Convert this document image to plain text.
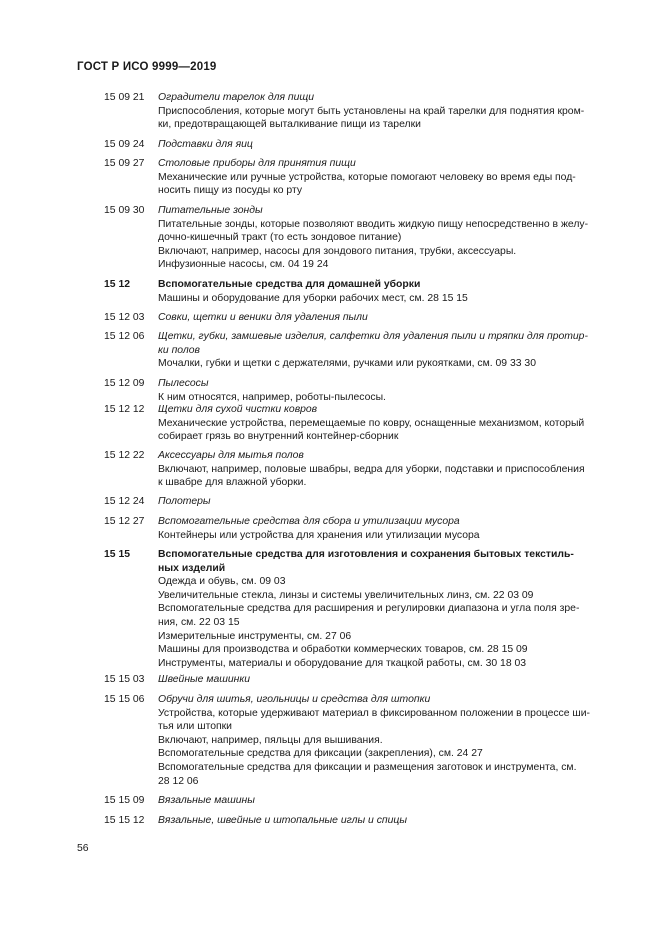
ГОСТ Р ИСО 9999—2019
15 09 21	Оградители тарелок для пищи
Приспособления, которые могут быть установлены на край тарелки для поднятия кром-
ки, предотвращающей выталкивание пищи из тарелки
15 09 24	Подставки для яиц
15 09 27	Столовые приборы для принятия пищи
Механические или ручные устройства, которые помогают человеку во время еды под-
носить пищу из посуды ко рту
15 09 30	Питательные зонды
Питательные зонды, которые позволяют вводить жидкую пищу непосредственно в желу-
дочно-кишечный тракт (то есть зондовое питание)
Включают, например, насосы для зондового питания, трубки, аксессуары.
Инфузионные насосы, см. 04 19 24
15 12	Вспомогательные средства для домашней уборки
Машины и оборудование для уборки рабочих мест, см. 28 15 15
15 12 03	Совки, щетки и веники для удаления пыли
15 12 06	Щетки, губки, замшевые изделия, салфетки для удаления пыли и тряпки для протир-
ки полов
Мочалки, губки и щетки с держателями, ручками или рукоятками, см. 09 33 30
15 12 09	Пылесосы
К ним относятся, например, роботы-пылесосы.
15 12 12	Щетки для сухой чистки ковров
Механические устройства, перемещаемые по ковру, оснащенные механизмом, который
собирает грязь во внутренний контейнер-сборник
15 12 22	Аксессуары для мытья полов
Включают, например, половые швабры, ведра для уборки, подставки и приспособления
к швабре для влажной уборки.
15 12 24	Полотеры
15 12 27	Вспомогательные средства для сбора и утилизации мусора
Контейнеры или устройства для хранения или утилизации мусора
15 15	Вспомогательные средства для изготовления и сохранения бытовых текстиль-
ных изделий
Одежда и обувь, см. 09 03
Увеличительные стекла, линзы и системы увеличительных линз, см. 22 03 09
Вспомогательные средства для расширения и регулировки диапазона и угла поля зре-
ния, см. 22 03 15
Измерительные инструменты, см. 27 06
Машины для производства и обработки коммерческих товаров, см. 28 15 09
Инструменты, материалы и оборудование для ткацкой работы, см. 30 18 03
15 15 03	Швейные машинки
15 15 06	Обручи для шитья, игольницы и средства для штопки
Устройства, которые удерживают материал в фиксированном положении в процессе ши-
тья или штопки
Включают, например, пяльцы для вышивания.
Вспомогательные средства для фиксации (закрепления), см. 24 27
Вспомогательные средства для фиксации и размещения заготовок и инструмента, см.
28 12 06
15 15 09	Вязальные машины
15 15 12	Вязальные, швейные и штопальные иглы и спицы
56
